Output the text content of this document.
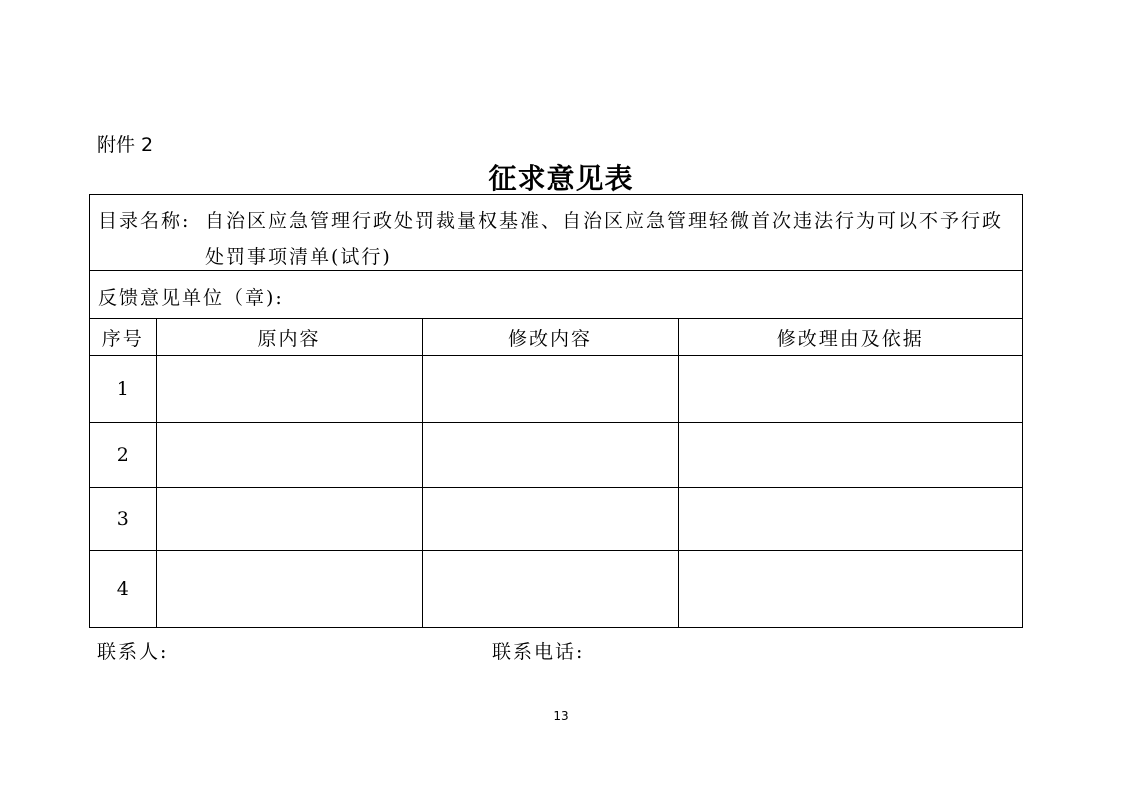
附件 2
征求意见表
目录名称: 自治区应急管理行政处罚裁量权基准、自治区应急管理轻微首次违法行为可以不予行政
处罚事项清单(试行)
反馈意见单位（章):
序号	原内容	修改内容	修改理由及依据
1			
2			
3			
4			
联系人:	联系电话:
13
